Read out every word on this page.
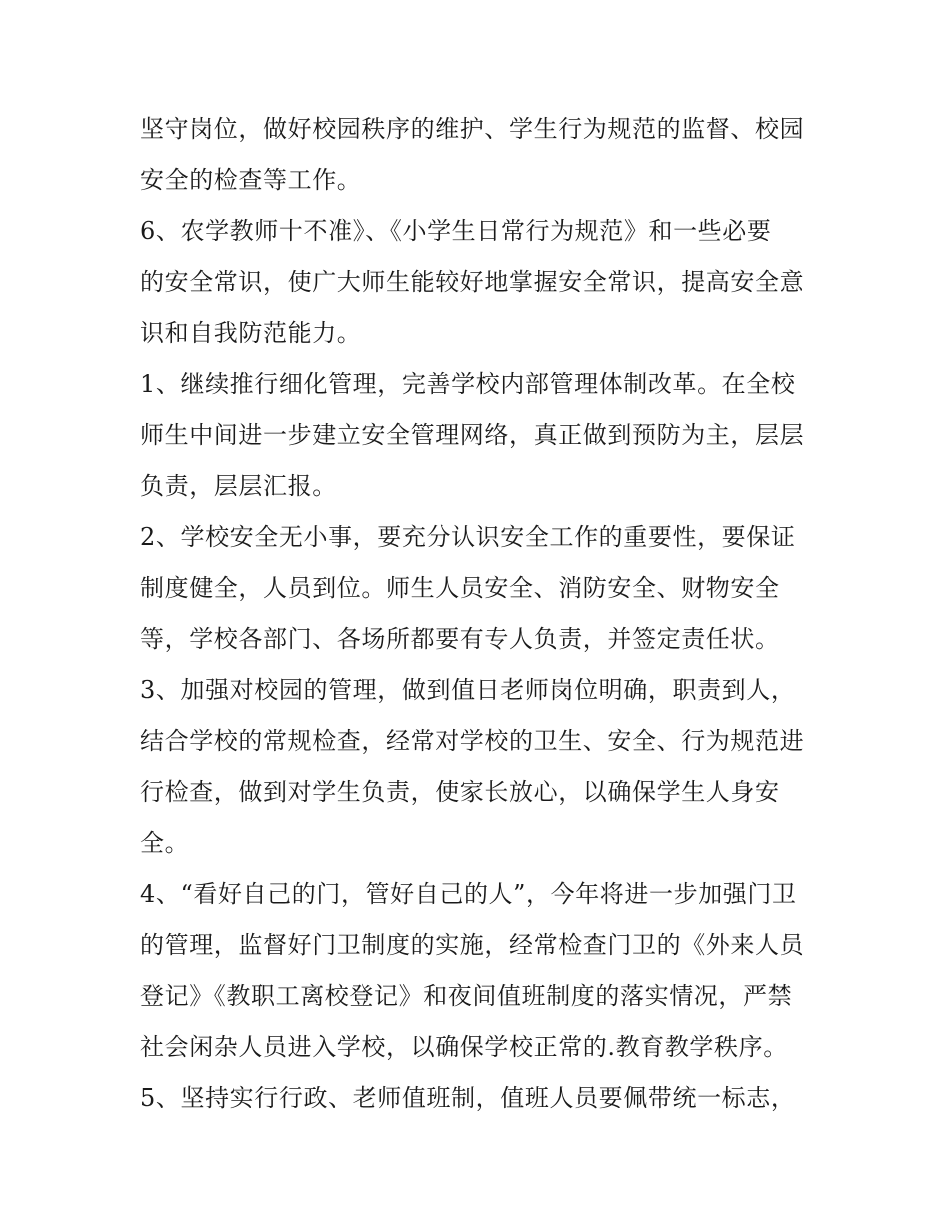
坚守岗位，做好校园秩序的维护、学生行为规范的监督、校园
安全的检查等工作。
6、农学教师十不准》、《小学生日常行为规范》和一些必要
的安全常识，使广大师生能较好地掌握安全常识，提高安全意
识和自我防范能力。
1、继续推行细化管理，完善学校内部管理体制改革。在全校
师生中间进一步建立安全管理网络，真正做到预防为主，层层
负责，层层汇报。
2、学校安全无小事，要充分认识安全工作的重要性，要保证
制度健全，人员到位。师生人员安全、消防安全、财物安全
等，学校各部门、各场所都要有专人负责，并签定责任状。
3、加强对校园的管理，做到值日老师岗位明确，职责到人，
结合学校的常规检查，经常对学校的卫生、安全、行为规范进
行检查，做到对学生负责，使家长放心，以确保学生人身安
全。
4、“看好自己的门，管好自己的人”，今年将进一步加强门卫
的管理，监督好门卫制度的实施，经常检查门卫的《外来人员
登记》《教职工离校登记》和夜间值班制度的落实情况，严禁
社会闲杂人员进入学校，以确保学校正常的.教育教学秩序。
5、坚持实行行政、老师值班制，值班人员要佩带统一标志，
